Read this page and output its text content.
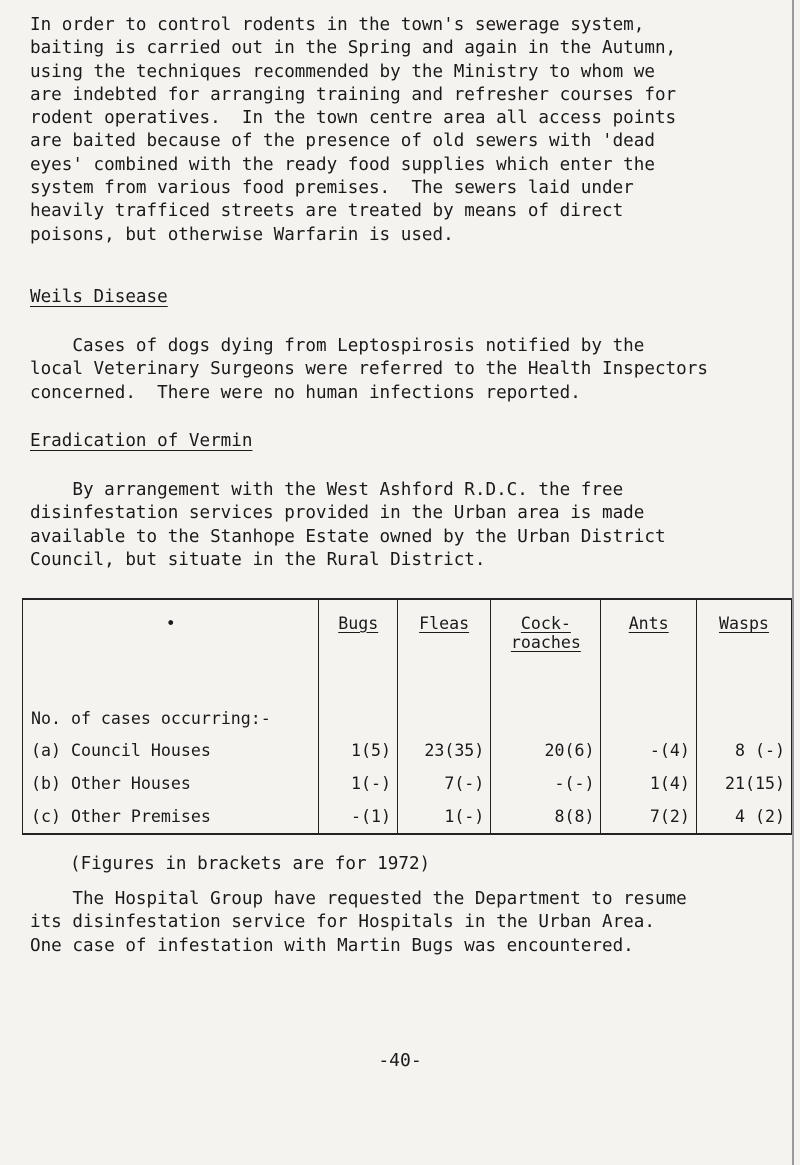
In order to control rodents in the town's sewerage system,
baiting is carried out in the Spring and again in the Autumn,
using the techniques recommended by the Ministry to whom we
are indebted for arranging training and refresher courses for
rodent operatives.  In the town centre area all access points
are baited because of the presence of old sewers with 'dead
eyes' combined with the ready food supplies which enter the
system from various food premises.  The sewers laid under
heavily trafficed streets are treated by means of direct
poisons, but otherwise Warfarin is used.

Weils Disease

Cases of dogs dying from Leptospirosis notified by the
local Veterinary Surgeons were referred to the Health Inspectors
concerned.  There were no human infections reported.

Eradication of Vermin

By arrangement with the West Ashford R.D.C. the free
disinfestation services provided in the Urban area is made
available to the Stanhope Estate owned by the Urban District
Council, but situate in the Rural District.

•	Bugs	Fleas	Cock-roaches	Ants	Wasps
No. of cases occurring:-					
(a) Council Houses	1(5)	23(35)	20(6)	-(4)	8 (-)
(b) Other Houses	1(-)	7(-)	-(-)	1(4)	21(15)
(c) Other Premises	-(1)	1(-)	8(8)	7(2)	4 (2)

(Figures in brackets are for 1972)

The Hospital Group have requested the Department to resume
its disinfestation service for Hospitals in the Urban Area.
One case of infestation with Martin Bugs was encountered.

-40-
